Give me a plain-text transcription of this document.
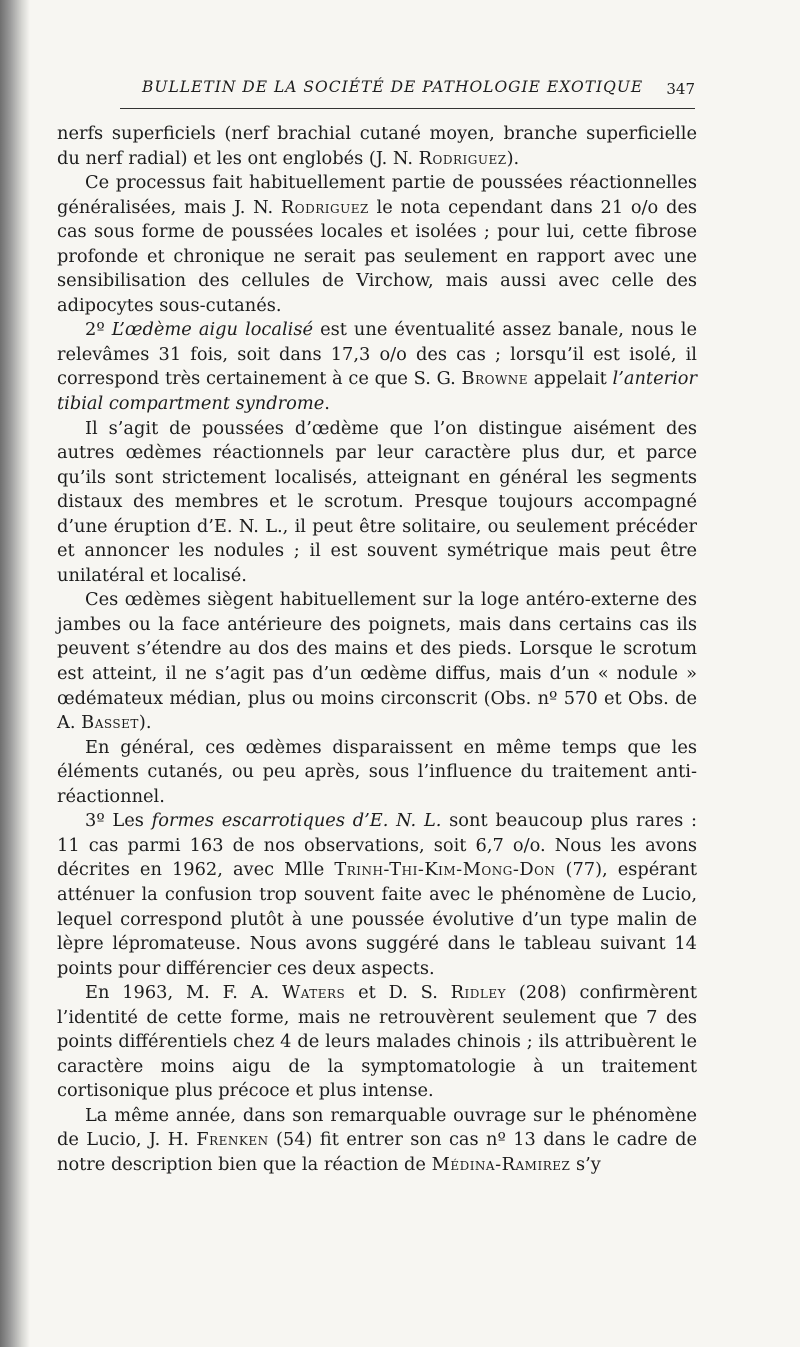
BULLETIN DE LA SOCIÉTÉ DE PATHOLOGIE EXOTIQUE 347

nerfs superficiels (nerf brachial cutané moyen, branche superficielle du nerf radial) et les ont englobés (J. N. Rodriguez).

Ce processus fait habituellement partie de poussées réactionnelles généralisées, mais J. N. Rodriguez le nota cependant dans 21 o/o des cas sous forme de poussées locales et isolées ; pour lui, cette fibrose profonde et chronique ne serait pas seulement en rapport avec une sensibilisation des cellules de Virchow, mais aussi avec celle des adipocytes sous-cutanés.

2º L’œdème aigu localisé est une éventualité assez banale, nous le relevâmes 31 fois, soit dans 17,3 o/o des cas ; lorsqu’il est isolé, il correspond très certainement à ce que S. G. Browne appelait l’anterior tibial compartment syndrome.

Il s’agit de poussées d’œdème que l’on distingue aisément des autres œdèmes réactionnels par leur caractère plus dur, et parce qu’ils sont strictement localisés, atteignant en général les segments distaux des membres et le scrotum. Presque toujours accompagné d’une éruption d’E. N. L., il peut être solitaire, ou seulement précéder et annoncer les nodules ; il est souvent symétrique mais peut être unilatéral et localisé.

Ces œdèmes siègent habituellement sur la loge antéro-externe des jambes ou la face antérieure des poignets, mais dans certains cas ils peuvent s’étendre au dos des mains et des pieds. Lorsque le scrotum est atteint, il ne s’agit pas d’un œdème diffus, mais d’un « nodule » œdémateux médian, plus ou moins circonscrit (Obs. nº 570 et Obs. de A. Basset).

En général, ces œdèmes disparaissent en même temps que les éléments cutanés, ou peu après, sous l’influence du traitement anti-réactionnel.

3º Les formes escarrotiques d’E. N. L. sont beaucoup plus rares : 11 cas parmi 163 de nos observations, soit 6,7 o/o. Nous les avons décrites en 1962, avec Mlle Trinh-Thi-Kim-Mong-Don (77), espérant atténuer la confusion trop souvent faite avec le phénomène de Lucio, lequel correspond plutôt à une poussée évolutive d’un type malin de lèpre lépromateuse. Nous avons suggéré dans le tableau suivant 14 points pour différencier ces deux aspects.

En 1963, M. F. A. Waters et D. S. Ridley (208) confirmèrent l’identité de cette forme, mais ne retrouvèrent seulement que 7 des points différentiels chez 4 de leurs malades chinois ; ils attribuèrent le caractère moins aigu de la symptomatologie à un traitement cortisonique plus précoce et plus intense.

La même année, dans son remarquable ouvrage sur le phénomène de Lucio, J. H. Frenken (54) fit entrer son cas nº 13 dans le cadre de notre description bien que la réaction de Médina-Ramirez s’y
